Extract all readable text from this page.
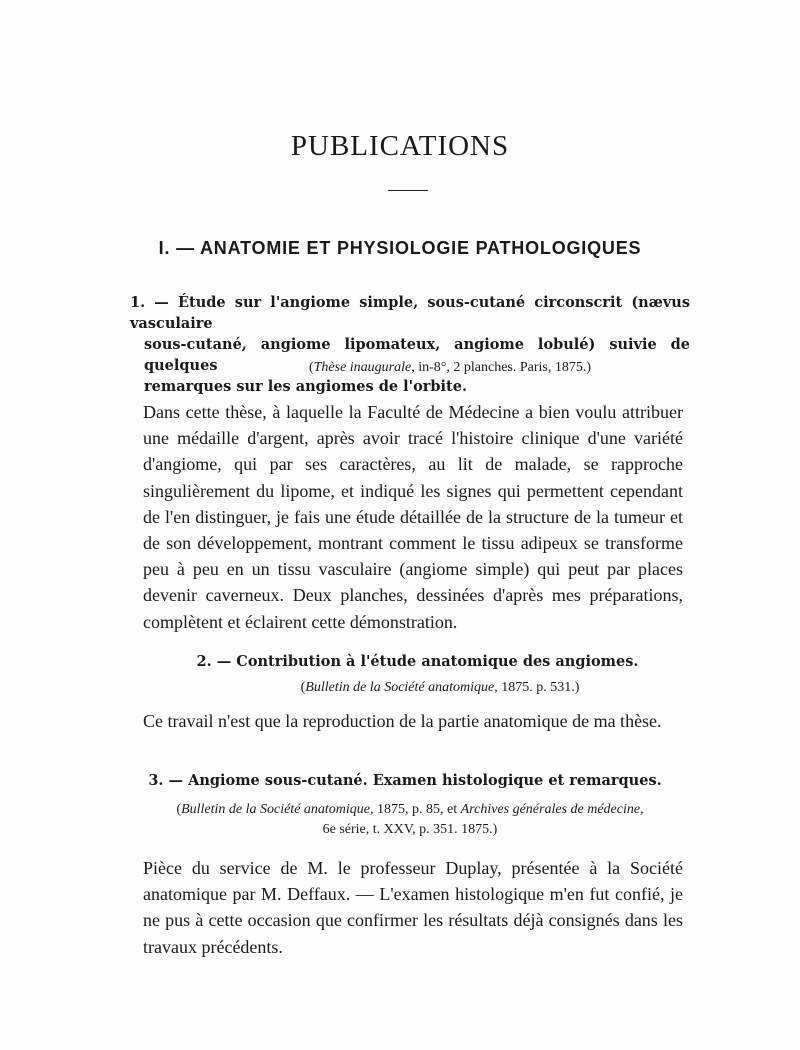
PUBLICATIONS
I. — ANATOMIE ET PHYSIOLOGIE PATHOLOGIQUES

1. — Étude sur l'angiome simple, sous-cutané circonscrit (nævus vasculaire
sous-cutané, angiome lipomateux, angiome lobulé) suivie de quelques
remarques sur les angiomes de l'orbite.

(Thèse inaugurale, in-8°, 2 planches. Paris, 1875.)

Dans cette thèse, à laquelle la Faculté de Médecine a bien voulu attribuer une médaille d'argent, après avoir tracé l'histoire clinique d'une variété d'angiome, qui par ses caractères, au lit de malade, se rapproche singulièrement du lipome, et indiqué les signes qui permettent cependant de l'en distinguer, je fais une étude détaillée de la structure de la tumeur et de son développement, montrant comment le tissu adipeux se transforme peu à peu en un tissu vasculaire (angiome simple) qui peut par places devenir caverneux. Deux planches, dessinées d'après mes préparations, complètent et éclairent cette démonstration.

2. — Contribution à l'étude anatomique des angiomes.

(Bulletin de la Société anatomique, 1875. p. 531.)

Ce travail n'est que la reproduction de la partie anatomique de ma thèse.

3. — Angiome sous-cutané. Examen histologique et remarques.

(Bulletin de la Société anatomique, 1875, p. 85, et Archives générales de médecine,
6e série, t. XXV, p. 351. 1875.)

Pièce du service de M. le professeur Duplay, présentée à la Société anatomique par M. Deffaux. — L'examen histologique m'en fut confié, je ne pus à cette occasion que confirmer les résultats déjà consignés dans les travaux précédents.
